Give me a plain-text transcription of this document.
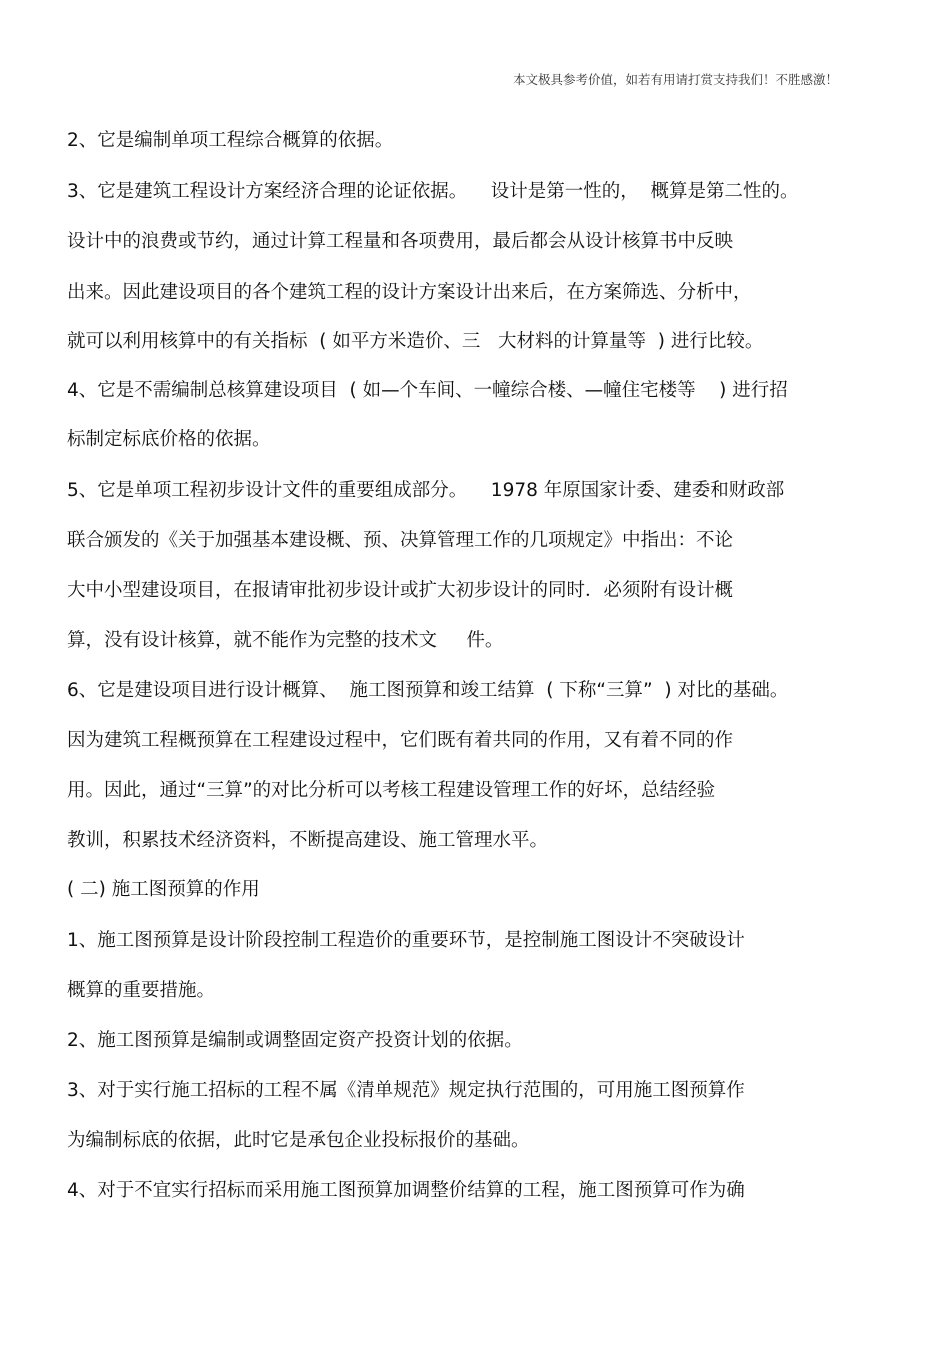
本文极具参考价值，如若有用请打赏支持我们！不胜感激！
2、它是编制单项工程综合概算的依据。
3、它是建筑工程设计方案经济合理的论证依据。    设计是第一性的，  概算是第二性的。
设计中的浪费或节约，通过计算工程量和各项费用，最后都会从设计核算书中反映
出来。因此建设项目的各个建筑工程的设计方案设计出来后，在方案筛选、分析中，
就可以利用核算中的有关指标  ( 如平方米造价、三   大材料的计算量等  ) 进行比较。
4、它是不需编制总核算建设项目  ( 如—个车间、一幢综合楼、—幢住宅楼等    ) 进行招
标制定标底价格的依据。
5、它是单项工程初步设计文件的重要组成部分。    1978 年原国家计委、建委和财政部
联合颁发的《关于加强基本建设概、预、决算管理工作的几项规定》中指出：不论
大中小型建设项目，在报请审批初步设计或扩大初步设计的同时．必须附有设计概
算，没有设计核算，就不能作为完整的技术文     件。
6、它是建设项目进行设计概算、  施工图预算和竣工结算  ( 下称“三算”  ) 对比的基础。
因为建筑工程概预算在工程建设过程中，它们既有着共同的作用，又有着不同的作
用。因此，通过“三算”的对比分析可以考核工程建设管理工作的好坏，总结经验
教训，积累技术经济资料，不断提高建设、施工管理水平。
( 二) 施工图预算的作用
1、施工图预算是设计阶段控制工程造价的重要环节，是控制施工图设计不突破设计
概算的重要措施。
2、施工图预算是编制或调整固定资产投资计划的依据。
3、对于实行施工招标的工程不属《清单规范》规定执行范围的，可用施工图预算作
为编制标底的依据，此时它是承包企业投标报价的基础。
4、对于不宜实行招标而采用施工图预算加调整价结算的工程，施工图预算可作为确
